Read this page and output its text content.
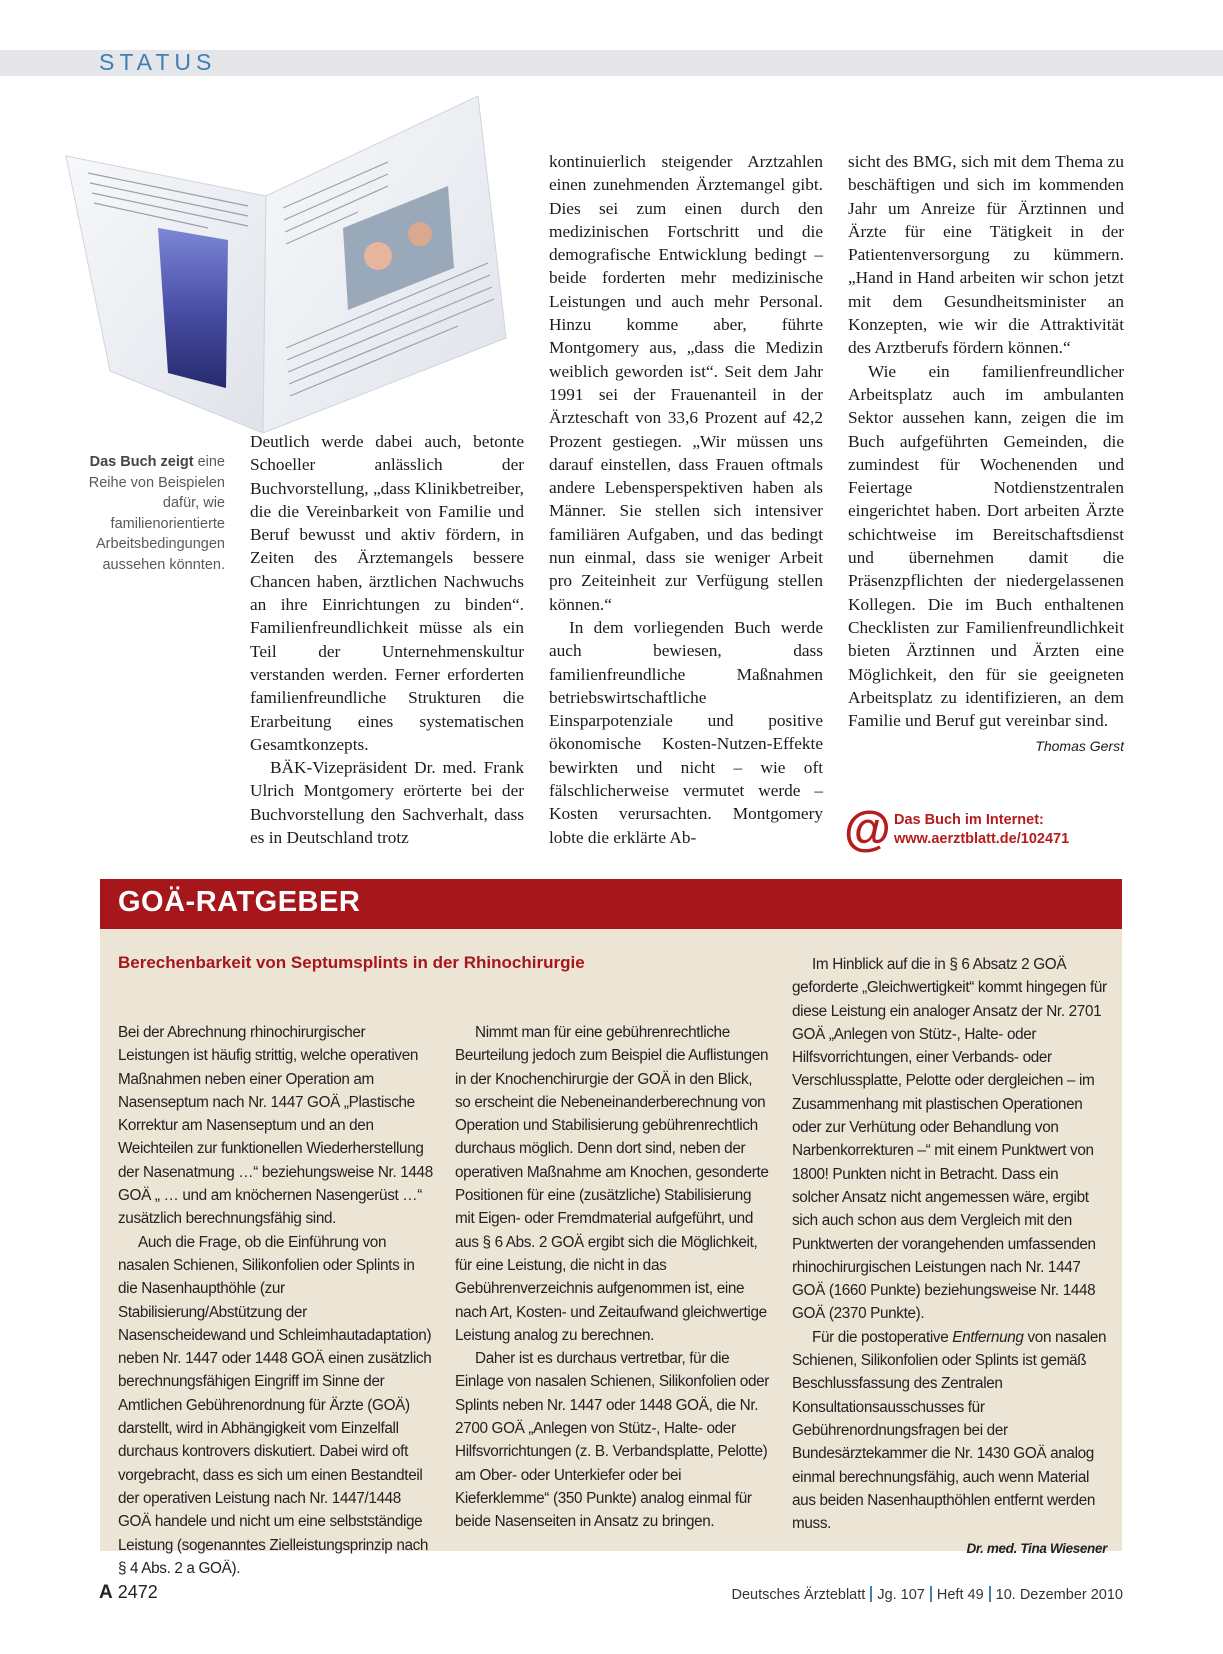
STATUS
Das Buch zeigt eine Reihe von Beispielen dafür, wie familienorientierte Arbeitsbedingungen aussehen könnten.

Deutlich werde dabei auch, betonte Schoeller anlässlich der Buchvorstellung, „dass Klinikbetreiber, die die Vereinbarkeit von Familie und Beruf bewusst und aktiv fördern, in Zeiten des Ärztemangels bessere Chancen haben, ärztlichen Nachwuchs an ihre Einrichtungen zu binden“. Familienfreundlichkeit müsse als ein Teil der Unternehmenskultur verstanden werden. Ferner erforderten familienfreundliche Strukturen die Erarbeitung eines systematischen Gesamtkonzepts.

BÄK-Vizepräsident Dr. med. Frank Ulrich Montgomery erörterte bei der Buchvorstellung den Sachverhalt, dass es in Deutschland trotz

kontinuierlich steigender Arztzahlen einen zunehmenden Ärztemangel gibt. Dies sei zum einen durch den medizinischen Fortschritt und die demografische Entwicklung bedingt – beide forderten mehr medizinische Leistungen und auch mehr Personal. Hinzu komme aber, führte Montgomery aus, „dass die Medizin weiblich geworden ist“. Seit dem Jahr 1991 sei der Frauenanteil in der Ärzteschaft von 33,6 Prozent auf 42,2 Prozent gestiegen. „Wir müssen uns darauf einstellen, dass Frauen oftmals andere Lebensperspektiven haben als Männer. Sie stellen sich intensiver familiären Aufgaben, und das bedingt nun einmal, dass sie weniger Arbeit pro Zeiteinheit zur Verfügung stellen können.“

In dem vorliegenden Buch werde auch bewiesen, dass familienfreundliche Maßnahmen betriebswirtschaftliche Einsparpotenziale und positive ökonomische Kosten-Nutzen-Effekte bewirkten und nicht – wie oft fälschlicherweise vermutet werde – Kosten verursachten. Montgomery lobte die erklärte Ab-

sicht des BMG, sich mit dem Thema zu beschäftigen und sich im kommenden Jahr um Anreize für Ärztinnen und Ärzte für eine Tätigkeit in der Patientenversorgung zu kümmern. „Hand in Hand arbeiten wir schon jetzt mit dem Gesundheitsminister an Konzepten, wie wir die Attraktivität des Arztberufs fördern können.“

Wie ein familienfreundlicher Arbeitsplatz auch im ambulanten Sektor aussehen kann, zeigen die im Buch aufgeführten Gemeinden, die zumindest für Wochenenden und Feiertage Notdienstzentralen eingerichtet haben. Dort arbeiten Ärzte schichtweise im Bereitschaftsdienst und übernehmen damit die Präsenzpflichten der niedergelassenen Kollegen. Die im Buch enthaltenen Checklisten zur Familienfreundlichkeit bieten Ärztinnen und Ärzten eine Möglichkeit, den für sie geeigneten Arbeitsplatz zu identifizieren, an dem Familie und Beruf gut vereinbar sind.
Thomas Gerst

@ Das Buch im Internet:
www.aerztblatt.de/102471
GOÄ-RATGEBER
Berechenbarkeit von Septumsplints in der Rhinochirurgie

Bei der Abrechnung rhinochirurgischer Leistungen ist häufig strittig, welche operativen Maßnahmen neben einer Operation am Nasenseptum nach Nr. 1447 GOÄ „Plastische Korrektur am Nasenseptum und an den Weichteilen zur funktionellen Wiederherstellung der Nasenatmung …“ beziehungsweise Nr. 1448 GOÄ „ … und am knöchernen Nasengerüst …“ zusätzlich berechnungsfähig sind.

Auch die Frage, ob die Einführung von nasalen Schienen, Silikonfolien oder Splints in die Nasenhaupthöhle (zur Stabilisierung/Abstützung der Nasenscheidewand und Schleimhautadaptation) neben Nr. 1447 oder 1448 GOÄ einen zusätzlich berechnungsfähigen Eingriff im Sinne der Amtlichen Gebührenordnung für Ärzte (GOÄ) darstellt, wird in Abhängigkeit vom Einzelfall durchaus kontrovers diskutiert. Dabei wird oft vorgebracht, dass es sich um einen Bestandteil der operativen Leistung nach Nr. 1447/1448 GOÄ handele und nicht um eine selbstständige Leistung (sogenanntes Zielleistungsprinzip nach § 4 Abs. 2 a GOÄ).

Nimmt man für eine gebührenrechtliche Beurteilung jedoch zum Beispiel die Auflistungen in der Knochenchirurgie der GOÄ in den Blick, so erscheint die Nebeneinanderberechnung von Operation und Stabilisierung gebührenrechtlich durchaus möglich. Denn dort sind, neben der operativen Maßnahme am Knochen, gesonderte Positionen für eine (zusätzliche) Stabilisierung mit Eigen- oder Fremdmaterial aufgeführt, und aus § 6 Abs. 2 GOÄ ergibt sich die Möglichkeit, für eine Leistung, die nicht in das Gebührenverzeichnis aufgenommen ist, eine nach Art, Kosten- und Zeitaufwand gleichwertige Leistung analog zu berechnen.

Daher ist es durchaus vertretbar, für die Einlage von nasalen Schienen, Silikonfolien oder Splints neben Nr. 1447 oder 1448 GOÄ, die Nr. 2700 GOÄ „Anlegen von Stütz-, Halte- oder Hilfsvorrichtungen (z. B. Verbandsplatte, Pelotte) am Ober- oder Unterkiefer oder bei Kieferklemme“ (350 Punkte) analog einmal für beide Nasenseiten in Ansatz zu bringen.

Im Hinblick auf die in § 6 Absatz 2 GOÄ geforderte „Gleichwertigkeit“ kommt hingegen für diese Leistung ein analoger Ansatz der Nr. 2701 GOÄ „Anlegen von Stütz-, Halte- oder Hilfsvorrichtungen, einer Verbands- oder Verschlussplatte, Pelotte oder dergleichen – im Zusammenhang mit plastischen Operationen oder zur Verhütung oder Behandlung von Narbenkorrekturen –“ mit einem Punktwert von 1800! Punkten nicht in Betracht. Dass ein solcher Ansatz nicht angemessen wäre, ergibt sich auch schon aus dem Vergleich mit den Punktwerten der vorangehenden umfassenden rhinochirurgischen Leistungen nach Nr. 1447 GOÄ (1660 Punkte) beziehungsweise Nr. 1448 GOÄ (2370 Punkte).

Für die postoperative Entfernung von nasalen Schienen, Silikonfolien oder Splints ist gemäß Beschlussfassung des Zentralen Konsultationsausschusses für Gebührenordnungsfragen bei der Bundesärztekammer die Nr. 1430 GOÄ analog einmal berechnungsfähig, auch wenn Material aus beiden Nasenhaupthöhlen entfernt werden muss.

Dr. med. Tina Wiesener
A 2472	Deutsches Ärzteblatt Jg. 107 Heft 49 10. Dezember 2010
